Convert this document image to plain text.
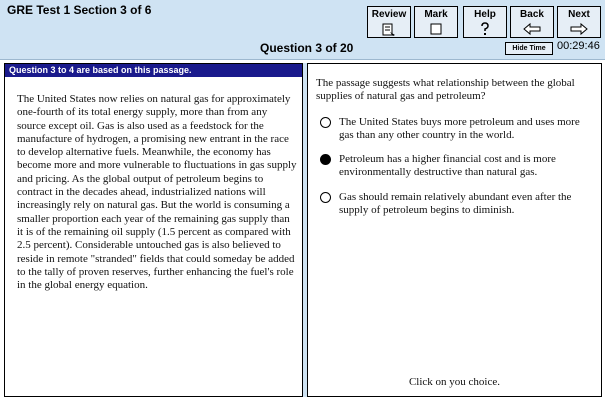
GRE Test 1 Section 3 of 6	Review	Mark	Help	Back	Next
Question 3 of 20	Hide Time	00:29:46
Question 3 to 4 are based on this passage.
The United States now relies on natural gas for approximately one-fourth of its total energy supply, more than from any source except oil. Gas is also used as a feedstock for the manufacture of hydrogen, a promising new entrant in the race to develop alternative fuels. Meanwhile, the economy has become more and more vulnerable to fluctuations in gas supply and pricing. As the global output of petroleum begins to contract in the decades ahead, industrialized nations will increasingly rely on natural gas. But the world is consuming a smaller proportion each year of the remaining gas supply than it is of the remaining oil supply (1.5 percent as compared with 2.5 percent). Considerable untouched gas is also believed to reside in remote "stranded" fields that could someday be added to the tally of proven reserves, further enhancing the fuel's role in the global energy equation.
The passage suggests what relationship between the global supplies of natural gas and petroleum?
The United States buys more petroleum and uses more gas than any other country in the world.
Petroleum has a higher financial cost and is more environmentally destructive than natural gas.
Gas should remain relatively abundant even after the supply of petroleum begins to diminish.
Click on you choice.
